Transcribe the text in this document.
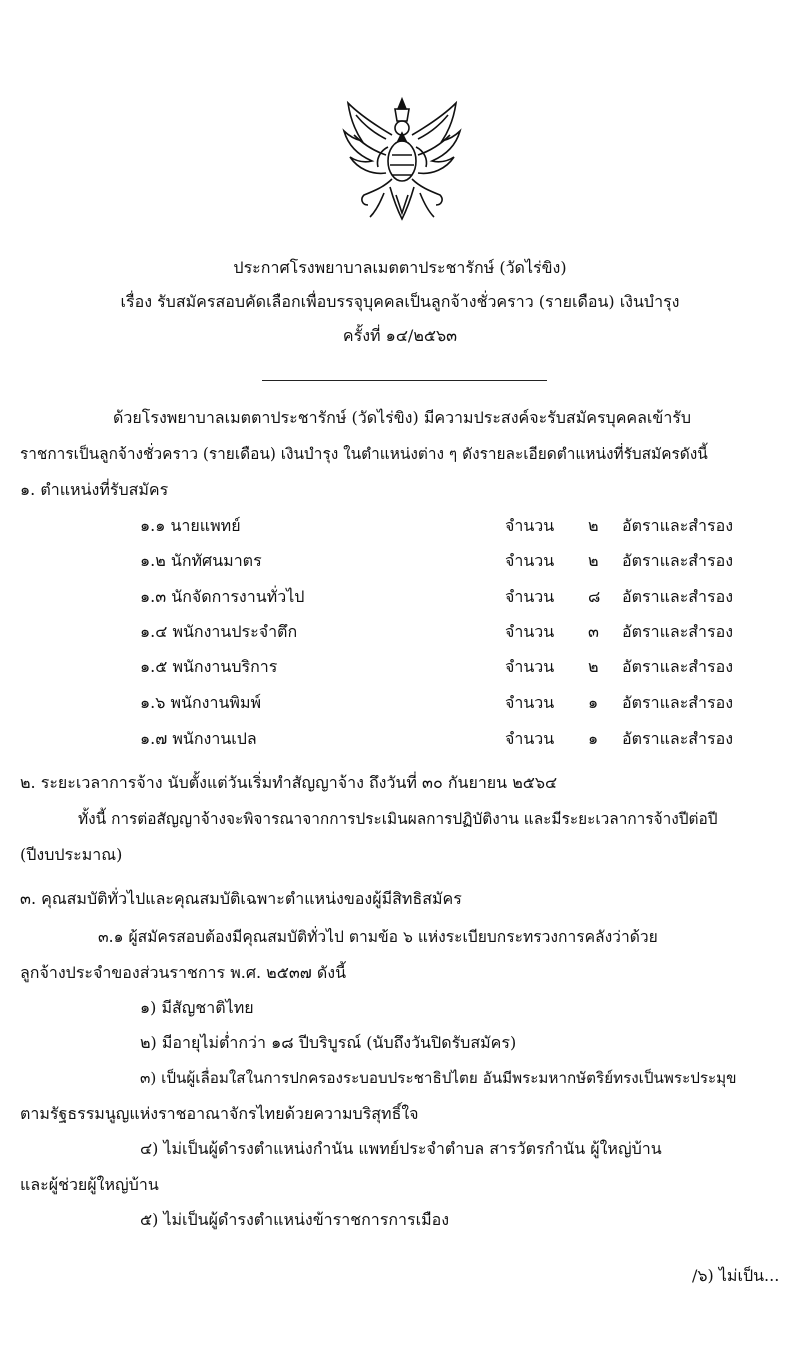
ประกาศโรงพยาบาลเมตตาประชารักษ์ (วัดไร่ขิง)
เรื่อง รับสมัครสอบคัดเลือกเพื่อบรรจุบุคคลเป็นลูกจ้างชั่วคราว (รายเดือน) เงินบำรุง
ครั้งที่ ๑๔/๒๕๖๓
ด้วยโรงพยาบาลเมตตาประชารักษ์ (วัดไร่ขิง) มีความประสงค์จะรับสมัครบุคคลเข้ารับ
ราชการเป็นลูกจ้างชั่วคราว (รายเดือน) เงินบำรุง ในตำแหน่งต่าง ๆ ดังรายละเอียดตำแหน่งที่รับสมัครดังนี้
๑. ตำแหน่งที่รับสมัคร
๑.๑ นายแพทย์	จำนวน ๒ อัตราและสำรอง
๑.๒ นักทัศนมาตร	จำนวน ๒ อัตราและสำรอง
๑.๓ นักจัดการงานทั่วไป	จำนวน ๘ อัตราและสำรอง
๑.๔ พนักงานประจำตึก	จำนวน ๓ อัตราและสำรอง
๑.๕ พนักงานบริการ	จำนวน ๒ อัตราและสำรอง
๑.๖ พนักงานพิมพ์	จำนวน ๑ อัตราและสำรอง
๑.๗ พนักงานเปล	จำนวน ๑ อัตราและสำรอง
๒. ระยะเวลาการจ้าง นับตั้งแต่วันเริ่มทำสัญญาจ้าง ถึงวันที่ ๓๐ กันยายน ๒๕๖๔
ทั้งนี้ การต่อสัญญาจ้างจะพิจารณาจากการประเมินผลการปฏิบัติงาน และมีระยะเวลาการจ้างปีต่อปี
(ปีงบประมาณ)
๓. คุณสมบัติทั่วไปและคุณสมบัติเฉพาะตำแหน่งของผู้มีสิทธิสมัคร
๓.๑ ผู้สมัครสอบต้องมีคุณสมบัติทั่วไป ตามข้อ ๖ แห่งระเบียบกระทรวงการคลังว่าด้วย
ลูกจ้างประจำของส่วนราชการ พ.ศ. ๒๕๓๗ ดังนี้
๑) มีสัญชาติไทย
๒) มีอายุไม่ต่ำกว่า ๑๘ ปีบริบูรณ์ (นับถึงวันปิดรับสมัคร)
๓) เป็นผู้เลื่อมใสในการปกครองระบอบประชาธิปไตย อันมีพระมหากษัตริย์ทรงเป็นพระประมุข
ตามรัฐธรรมนูญแห่งราชอาณาจักรไทยด้วยความบริสุทธิ์ใจ
๔) ไม่เป็นผู้ดำรงตำแหน่งกำนัน แพทย์ประจำตำบล สารวัตรกำนัน ผู้ใหญ่บ้าน
และผู้ช่วยผู้ใหญ่บ้าน
๕) ไม่เป็นผู้ดำรงตำแหน่งข้าราชการการเมือง
/๖) ไม่เป็น...
